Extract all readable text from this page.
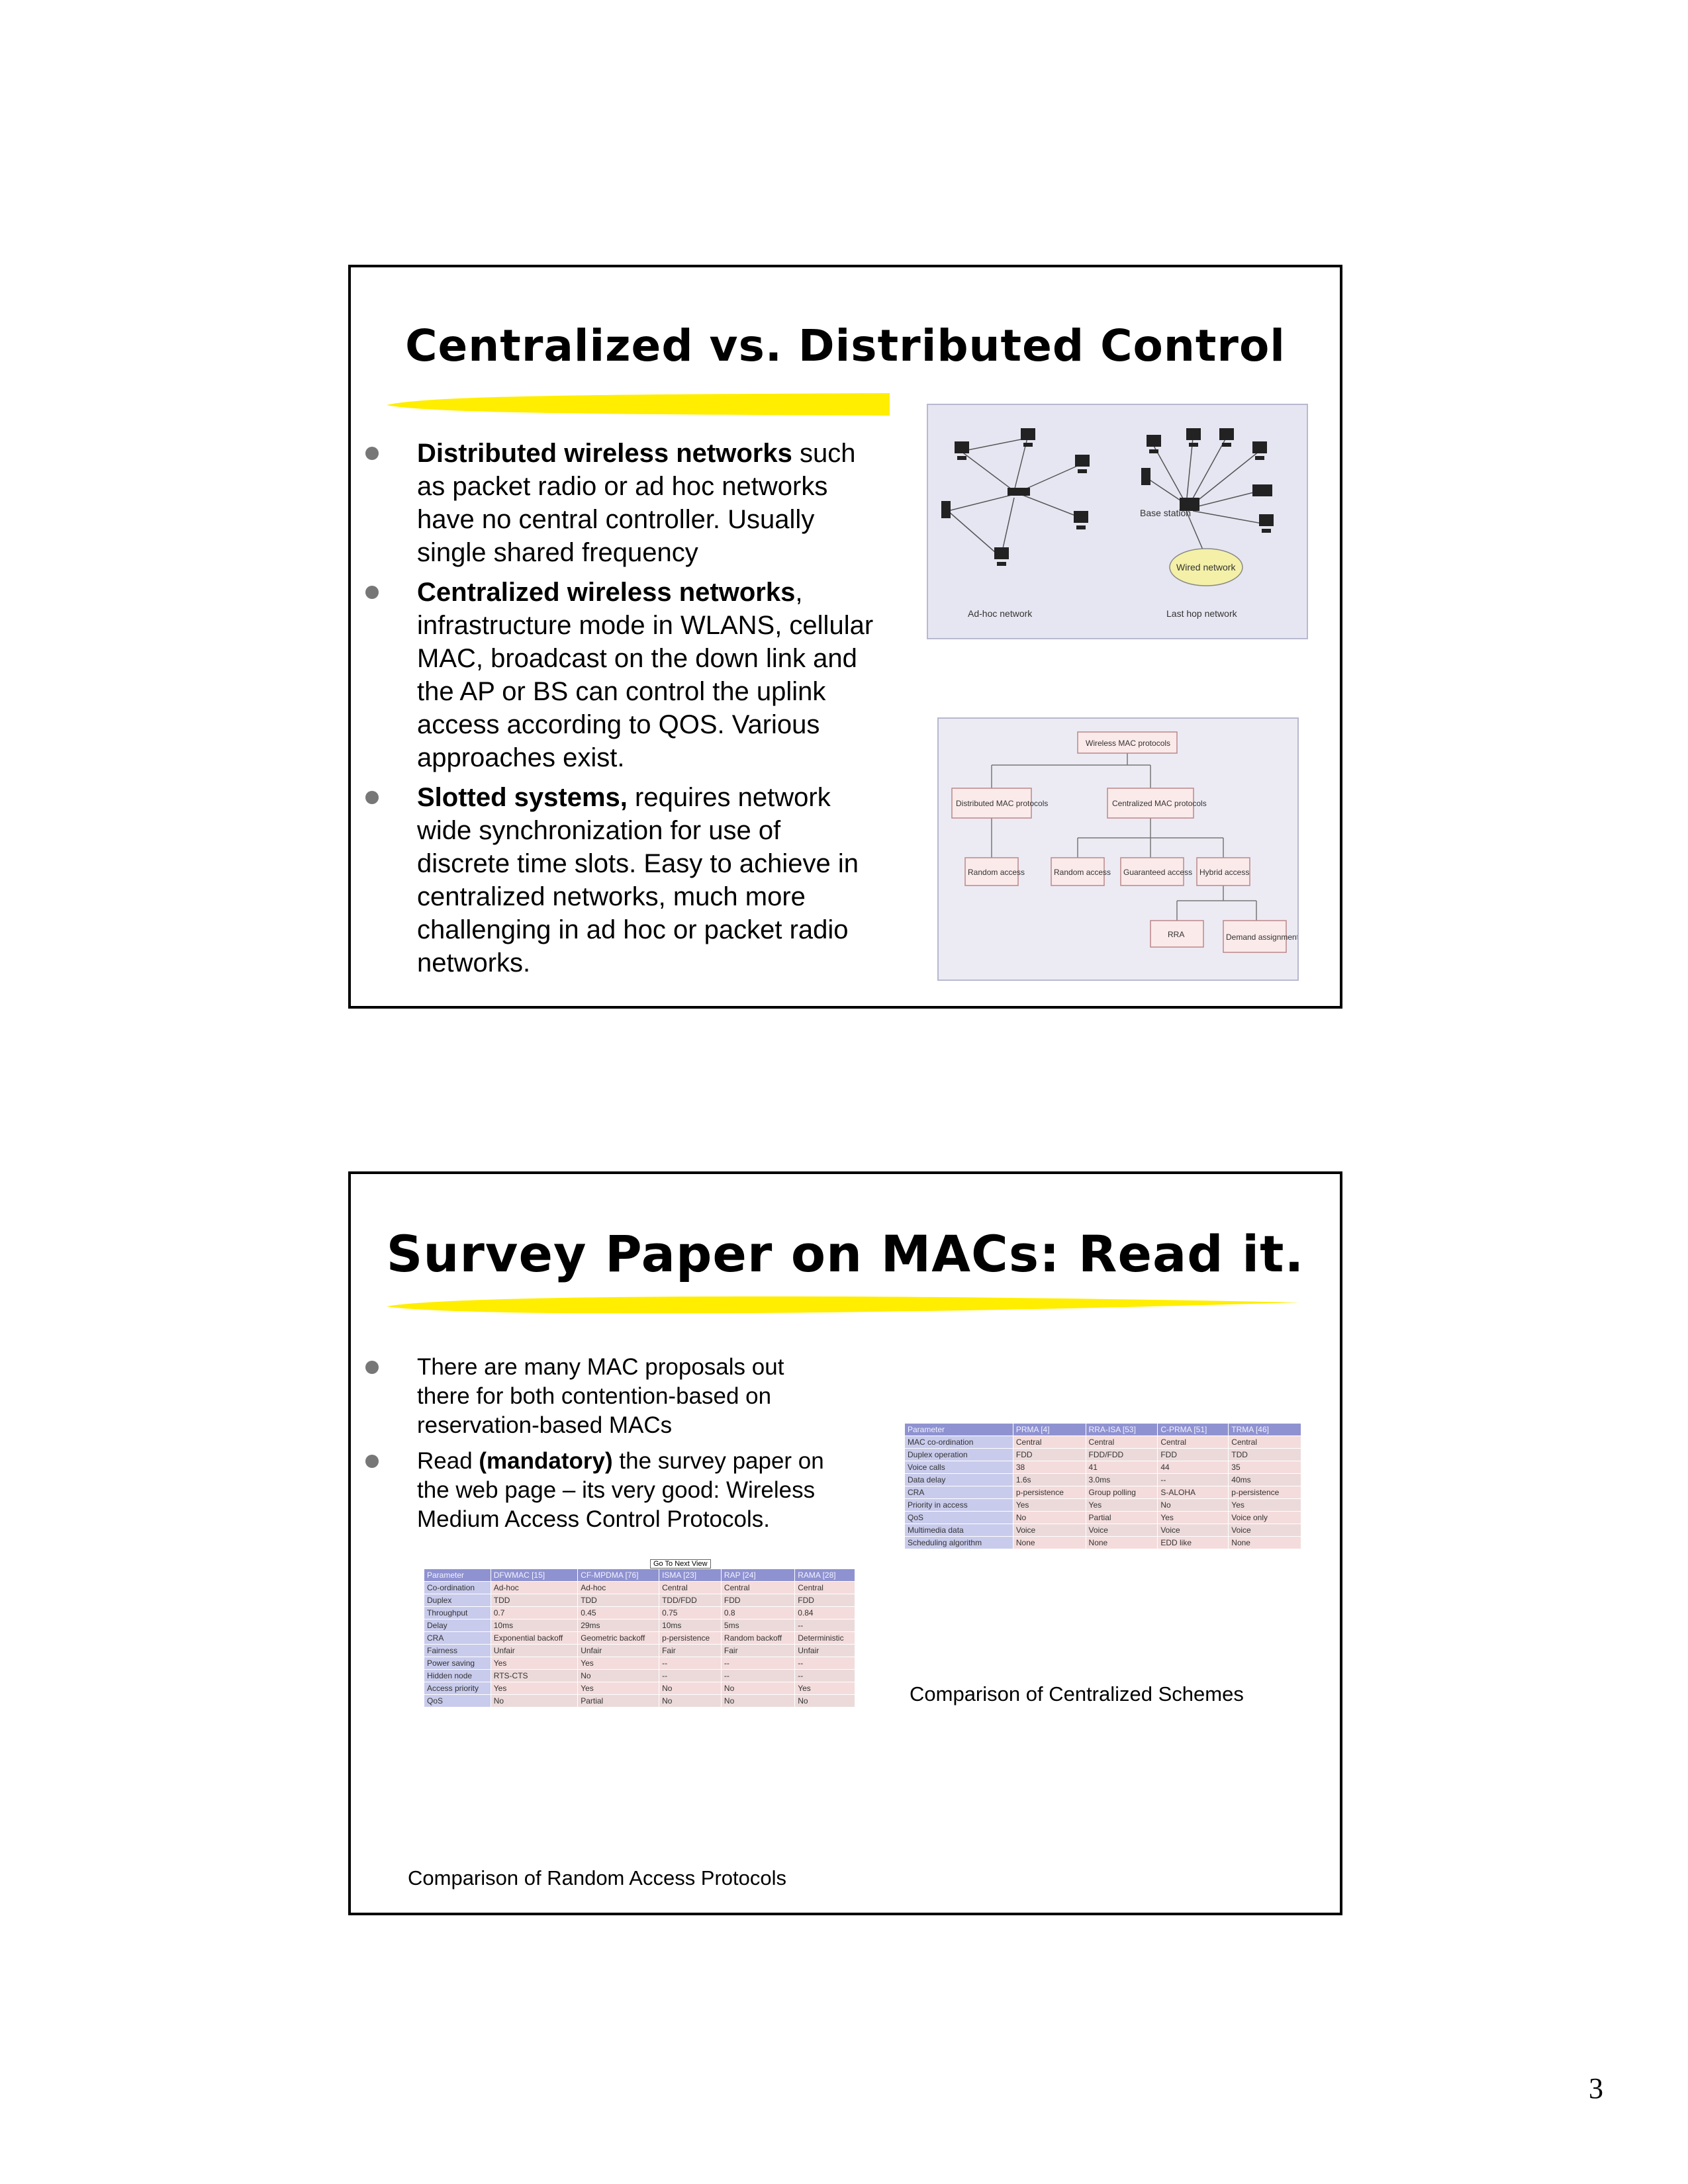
Centralized vs. Distributed Control
Distributed wireless networks such as packet radio or ad hoc networks have no central controller. Usually single shared frequency
Centralized wireless networks, infrastructure mode in WLANS, cellular MAC, broadcast on the down link and the AP or BS can control the uplink access according to QOS. Various approaches exist.
Slotted systems, requires network wide synchronization for use of discrete time slots. Easy to achieve in centralized networks, much more challenging in ad hoc or packet radio networks.
Base station
Wired network
Ad-hoc network	Last hop network
Wireless MAC protocols
Distributed MAC protocols	Centralized MAC protocols
Random access	Random access Guaranteed access Hybrid access
RRA	Demand assignment
Survey Paper on MACs: Read it.
There are many MAC proposals out there for both contention-based on reservation-based MACs
Read (mandatory) the survey paper on the web page – its very good: Wireless Medium Access Control Protocols.
Go To Next View
Parameter	DFWMAC [15]	CF-MPDMA [76]	ISMA [23]	RAP [24]	RAMA [28]
Co-ordination	Ad-hoc	Ad-hoc	Central	Central	Central
Duplex	TDD	TDD	TDD/FDD	FDD	FDD
Throughput	0.7	0.45	0.75	0.8	0.84
Delay	10ms	29ms	10ms	5ms	--
CRA	Exponential backoff	Geometric backoff	p-persistence	Random backoff	Deterministic
Fairness	Unfair	Unfair	Fair	Fair	Unfair
Power saving	Yes	Yes	--	--	--
Hidden node	RTS-CTS	No	--	--	--
Access priority	Yes	Yes	No	No	Yes
QoS	No	Partial	No	No	No
Comparison of Random Access Protocols
Parameter	PRMA [4]	RRA-ISA [53]	C-PRMA [51]	TRMA [46]
MAC co-ordination	Central	Central	Central	Central
Duplex operation	FDD	FDD/FDD	FDD	TDD
Voice calls	38	41	44	35
Data delay	1.6s	3.0ms	--	40ms
CRA	p-persistence	Group polling	S-ALOHA	p-persistence
Priority in access	Yes	Yes	No	Yes
QoS	No	Partial	Yes	Voice only
Multimedia data	Voice	Voice	Voice	Voice
Scheduling algorithm	None	None	EDD like	None
Comparison of Centralized Schemes
3
